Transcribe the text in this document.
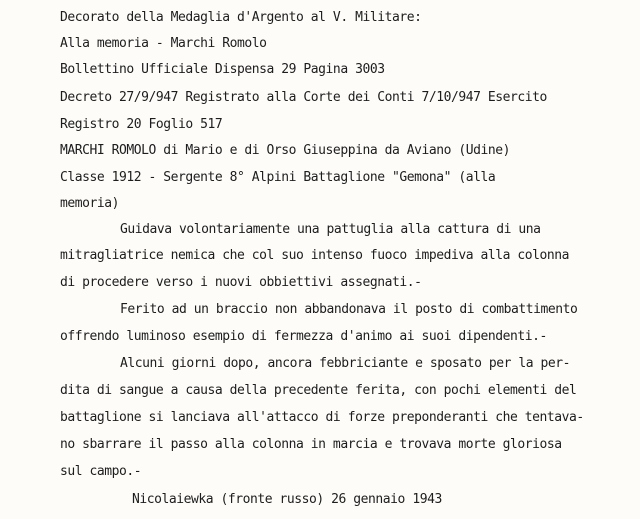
Decorato della Medaglia d'Argento al V. Militare:
Alla memoria - Marchi Romolo
Bollettino Ufficiale Dispensa 29 Pagina 3003
Decreto 27/9/947 Registrato alla Corte dei Conti 7/10/947 Esercito
Registro 20 Foglio 517
MARCHI ROMOLO di Mario e di Orso Giuseppina da Aviano (Udine)
Classe 1912 - Sergente 8° Alpini Battaglione "Gemona" (alla
memoria)
Guidava volontariamente una pattuglia alla cattura di una
mitragliatrice nemica che col suo intenso fuoco impediva alla colonna
di procedere verso i nuovi obbiettivi assegnati.-
Ferito ad un braccio non abbandonava il posto di combattimento
offrendo luminoso esempio di fermezza d'animo ai suoi dipendenti.-
Alcuni giorni dopo, ancora febbriciante e sposato per la per-
dita di sangue a causa della precedente ferita, con pochi elementi del
battaglione si lanciava all'attacco di forze preponderanti che tentava-
no sbarrare il passo alla colonna in marcia e trovava morte gloriosa
sul campo.-
Nicolaiewka (fronte russo) 26 gennaio 1943
